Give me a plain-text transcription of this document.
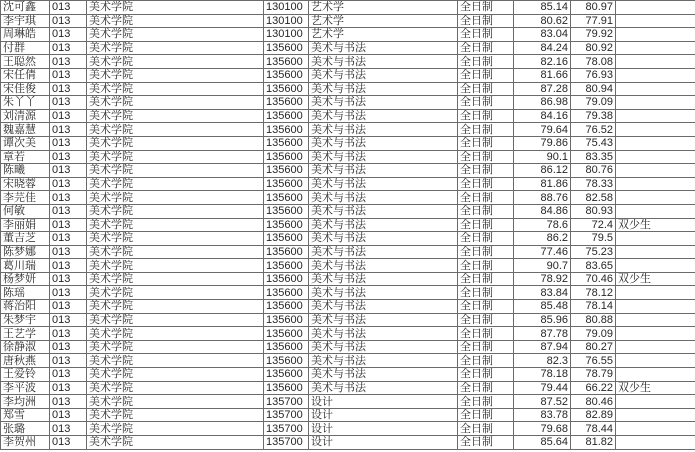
沈可鑫	013	美术学院	130100	艺术学	全日制	85.14	80.97	
李宇琪	013	美术学院	130100	艺术学	全日制	80.62	77.91	
周琳皓	013	美术学院	130100	艺术学	全日制	83.04	79.92	
付群	013	美术学院	135600	美术与书法	全日制	84.24	80.92	
王聪然	013	美术学院	135600	美术与书法	全日制	82.16	78.08	
宋任倩	013	美术学院	135600	美术与书法	全日制	81.66	76.93	
宋佳俊	013	美术学院	135600	美术与书法	全日制	87.28	80.94	
朱丫丫	013	美术学院	135600	美术与书法	全日制	86.98	79.09	
刘清源	013	美术学院	135600	美术与书法	全日制	84.16	79.38	
魏嘉慧	013	美术学院	135600	美术与书法	全日制	79.64	76.52	
谭次美	013	美术学院	135600	美术与书法	全日制	79.86	75.43	
章若	013	美术学院	135600	美术与书法	全日制	90.1	83.35	
陈曦	013	美术学院	135600	美术与书法	全日制	86.12	80.76	
宋晓蓉	013	美术学院	135600	美术与书法	全日制	81.86	78.33	
李芫佳	013	美术学院	135600	美术与书法	全日制	88.76	82.58	
何敏	013	美术学院	135600	美术与书法	全日制	84.86	80.93	
李丽娟	013	美术学院	135600	美术与书法	全日制	78.6	72.4	双少生
董吉芝	013	美术学院	135600	美术与书法	全日制	86.2	79.5	
陈梦娜	013	美术学院	135600	美术与书法	全日制	77.46	75.23	
葛川瑞	013	美术学院	135600	美术与书法	全日制	90.7	83.65	
杨梦妍	013	美术学院	135600	美术与书法	全日制	78.92	70.46	双少生
陈瑶	013	美术学院	135600	美术与书法	全日制	83.84	78.12	
蒋治阳	013	美术学院	135600	美术与书法	全日制	85.48	78.14	
朱梦宇	013	美术学院	135600	美术与书法	全日制	85.96	80.88	
王艺学	013	美术学院	135600	美术与书法	全日制	87.78	79.09	
徐静淑	013	美术学院	135600	美术与书法	全日制	87.94	80.27	
唐秋燕	013	美术学院	135600	美术与书法	全日制	82.3	76.55	
王爱铃	013	美术学院	135600	美术与书法	全日制	78.18	78.79	
李平波	013	美术学院	135600	美术与书法	全日制	79.44	66.22	双少生
李均洲	013	美术学院	135700	设计	全日制	87.52	80.46	
郑雪	013	美术学院	135700	设计	全日制	83.78	82.89	
张璐	013	美术学院	135700	设计	全日制	79.68	78.44	
李贺州	013	美术学院	135700	设计	全日制	85.64	81.82	
